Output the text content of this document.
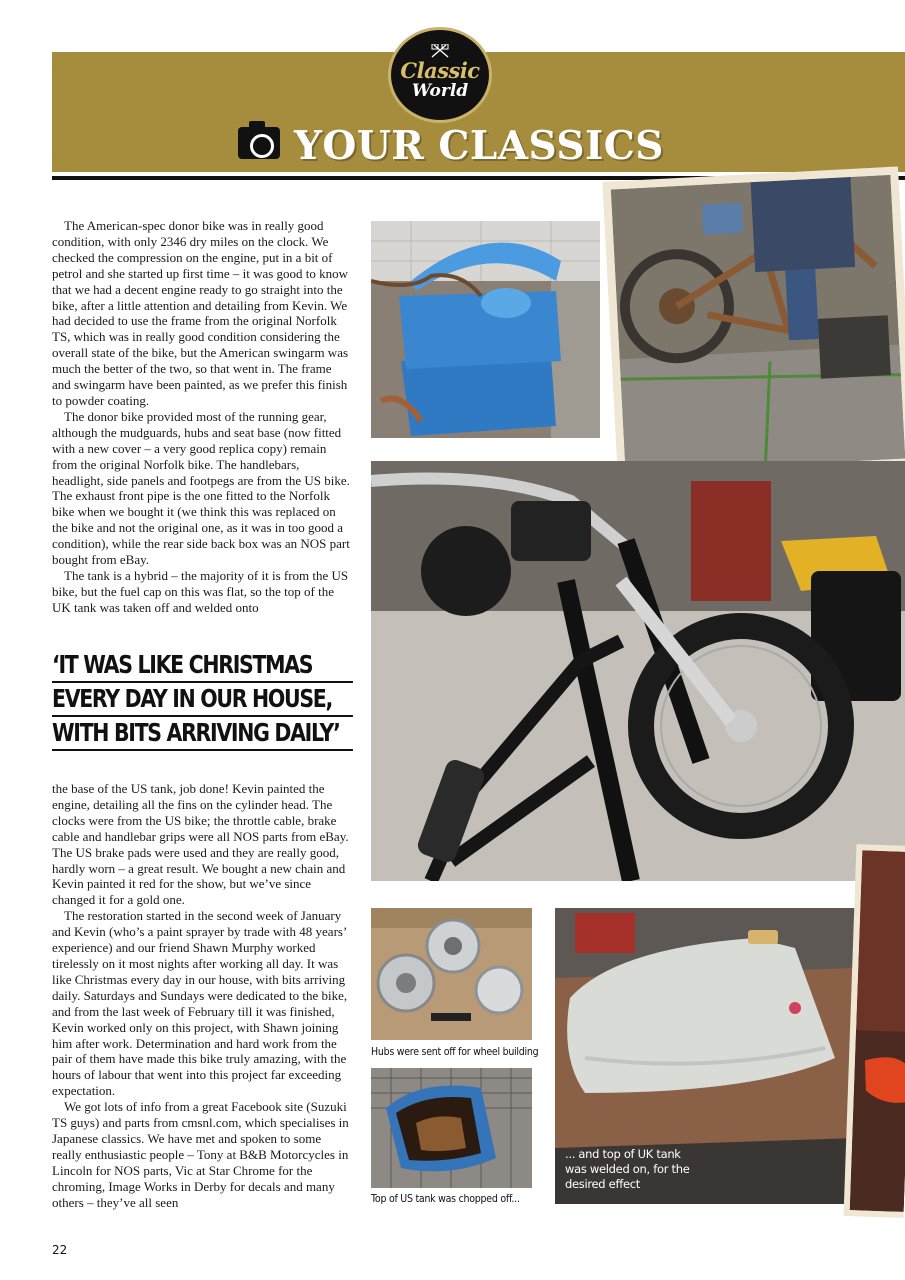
Classic
World
YOUR CLASSICS

The American-spec donor bike was in really good condition, with only 2346 dry miles on the clock. We checked the compression on the engine, put in a bit of petrol and she started up first time – it was good to know that we had a decent engine ready to go straight into the bike, after a little attention and detailing from Kevin. We had decided to use the frame from the original Norfolk TS, which was in really good condition considering the overall state of the bike, but the American swingarm was much the better of the two, so that went in. The frame and swingarm have been painted, as we prefer this finish to powder coating.

The donor bike provided most of the running gear, although the mudguards, hubs and seat base (now fitted with a new cover – a very good replica copy) remain from the original Norfolk bike. The handlebars, headlight, side panels and footpegs are from the US bike. The exhaust front pipe is the one fitted to the Norfolk bike when we bought it (we think this was replaced on the bike and not the original one, as it was in too good a condition), while the rear side back box was an NOS part bought from eBay.

The tank is a hybrid – the majority of it is from the US bike, but the fuel cap on this was flat, so the top of the UK tank was taken off and welded onto

‘IT WAS LIKE CHRISTMAS
EVERY DAY IN OUR HOUSE,
WITH BITS ARRIVING DAILY’

the base of the US tank, job done! Kevin painted the engine, detailing all the fins on the cylinder head. The clocks were from the US bike; the throttle cable, brake cable and handlebar grips were all NOS parts from eBay. The US brake pads were used and they are really good, hardly worn – a great result. We bought a new chain and Kevin painted it red for the show, but we’ve since changed it for a gold one.

The restoration started in the second week of January and Kevin (who’s a paint sprayer by trade with 48 years’ experience) and our friend Shawn Murphy worked tirelessly on it most nights after working all day. It was like Christmas every day in our house, with bits arriving daily. Saturdays and Sundays were dedicated to the bike, and from the last week of February till it was finished, Kevin worked only on this project, with Shawn joining him after work. Determination and hard work from the pair of them have made this bike truly amazing, with the hours of labour that went into this project far exceeding expectation.

We got lots of info from a great Facebook site (Suzuki TS guys) and parts from cmsnl.com, which specialises in Japanese classics. We have met and spoken to some really enthusiastic people – Tony at B&B Motorcycles in Lincoln for NOS parts, Vic at Star Chrome for the chroming, Image Works in Derby for decals and many others – they’ve all seen

Hubs were sent off for wheel building
Top of US tank was chopped off...
... and top of UK tank was welded on, for the desired effect
22
